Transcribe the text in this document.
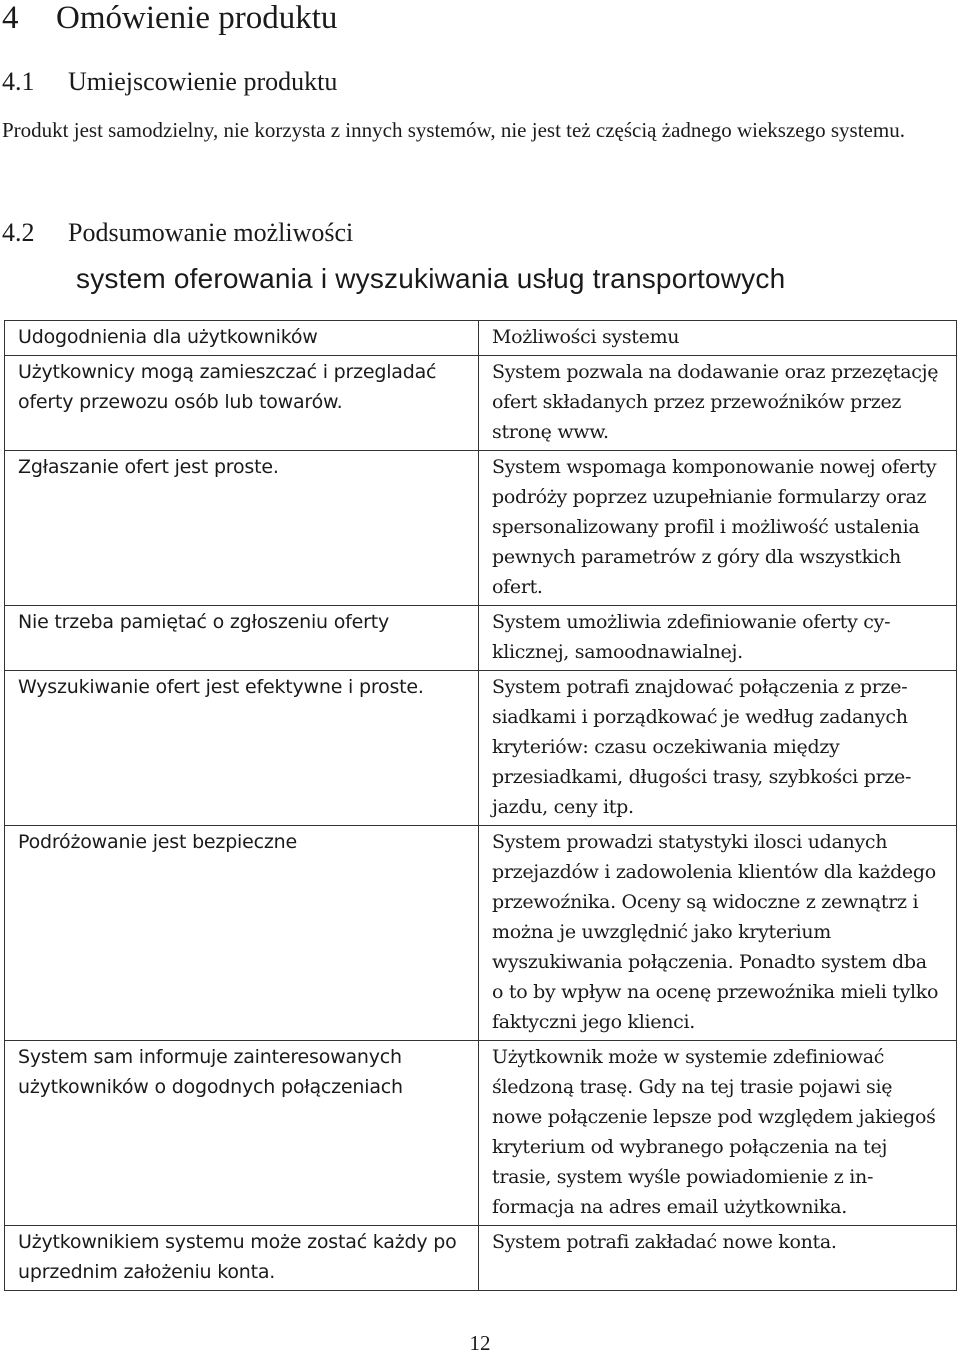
4 Omówienie produktu
4.1 Umiejscowienie produktu
Produkt jest samodzielny, nie korzysta z innych systemów, nie jest też częścią żadnego wiekszego systemu.
4.2 Podsumowanie możliwości
system oferowania i wyszukiwania usług transportowych
Udogodnienia dla użytkowników	Możliwości systemu
Użytkownicy mogą zamieszczać i przegladać oferty przewozu osób lub towarów.	System pozwala na dodawanie oraz przezętację ofert składanych przez przewoźników przez stronę www.
Zgłaszanie ofert jest proste.	System wspomaga komponowanie nowej oferty podróży poprzez uzupełnianie formularzy oraz spersonalizowany profil i możliwość ustalenia pewnych parametrów z góry dla wszystkich ofert.
Nie trzeba pamiętać o zgłoszeniu oferty	System umożliwia zdefiniowanie oferty cyklicznej, samoodnawialnej.
Wyszukiwanie ofert jest efektywne i proste.	System potrafi znajdować połączenia z przesiadkami i porządkować je według zadanych kryteriów: czasu oczekiwania między przesiadkami, długości trasy, szybkości przejazdu, ceny itp.
Podróżowanie jest bezpieczne	System prowadzi statystyki ilosci udanych przejazdów i zadowolenia klientów dla każdego przewoźnika. Oceny są widoczne z zewnątrz i można je uwzględnić jako kryterium wyszukiwania połączenia. Ponadto system dba o to by wpływ na ocenę przewoźnika mieli tylko faktyczni jego klienci.
System sam informuje zainteresowanych użytkowników o dogodnych połączeniach	Użytkownik może w systemie zdefiniować śledzoną trasę. Gdy na tej trasie pojawi się nowe połączenie lepsze pod względem jakiegoś kryterium od wybranego połączenia na tej trasie, system wyśle powiadomienie z informacja na adres email użytkownika.
Użytkownikiem systemu może zostać każdy po uprzednim założeniu konta.	System potrafi zakładać nowe konta.
12
